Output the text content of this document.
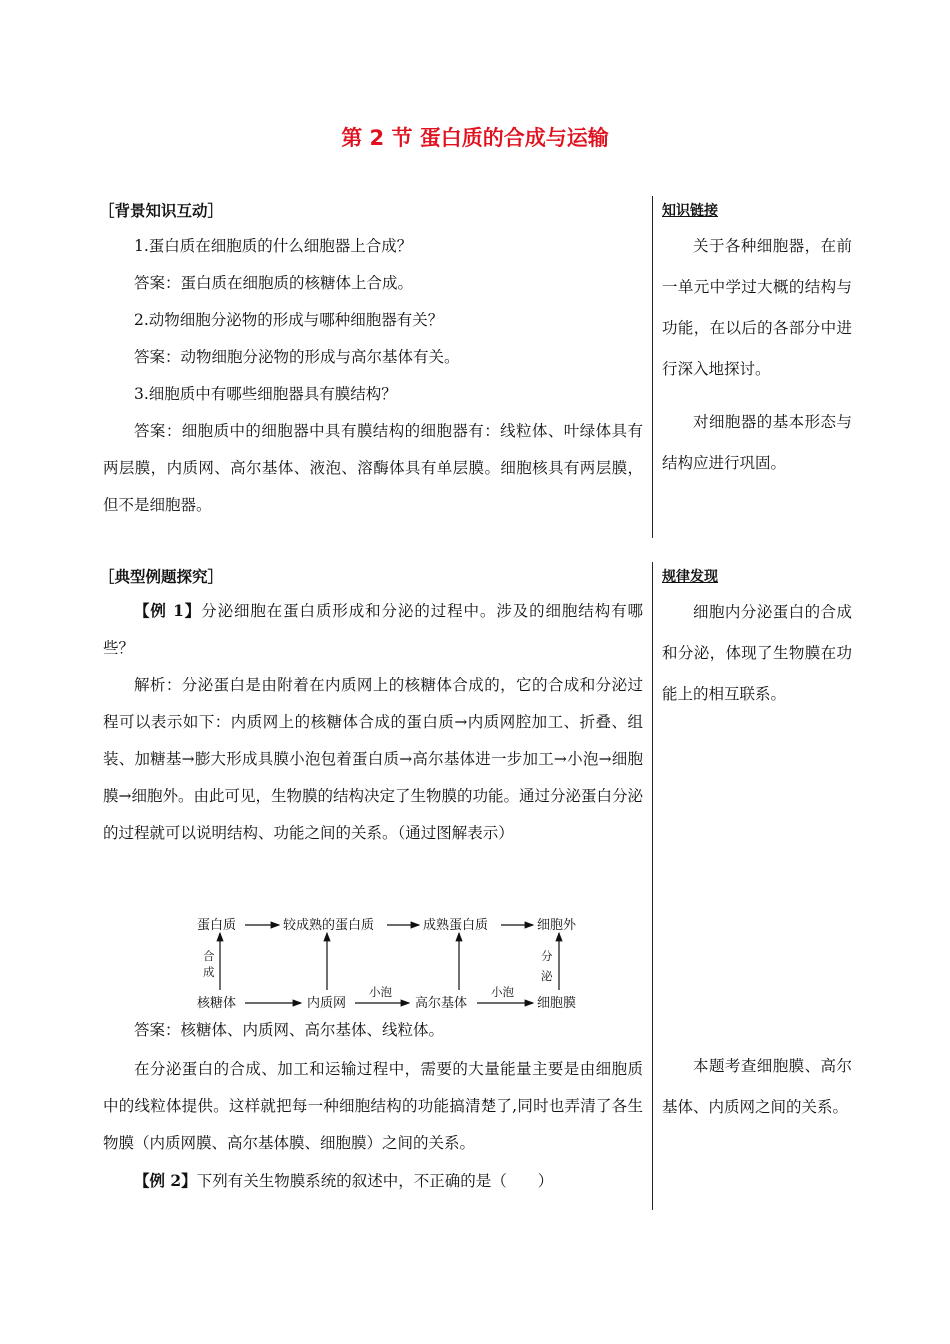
第 2 节 蛋白质的合成与运输
［背景知识互动］

1.蛋白质在细胞质的什么细胞器上合成？

答案：蛋白质在细胞质的核糖体上合成。

2.动物细胞分泌物的形成与哪种细胞器有关？

答案：动物细胞分泌物的形成与高尔基体有关。

3.细胞质中有哪些细胞器具有膜结构？

答案：细胞质中的细胞器中具有膜结构的细胞器有：线粒体、叶绿体具有两层膜，内质网、高尔基体、液泡、溶酶体具有单层膜。细胞核具有两层膜，但不是细胞器。

知识链接

关于各种细胞器，在前一单元中学过大概的结构与功能，在以后的各部分中进行深入地探讨。

对细胞器的基本形态与结构应进行巩固。

［典型例题探究］

【例 1】分泌细胞在蛋白质形成和分泌的过程中。涉及的细胞结构有哪些？

解析：分泌蛋白是由附着在内质网上的核糖体合成的，它的合成和分泌过程可以表示如下：内质网上的核糖体合成的蛋白质→内质网腔加工、折叠、组装、加糖基→膨大形成具膜小泡包着蛋白质→高尔基体进一步加工→小泡→细胞膜→细胞外。由此可见，生物膜的结构决定了生物膜的功能。通过分泌蛋白分泌的过程就可以说明结构、功能之间的关系。（通过图解表示）

蛋白质	较成熟的蛋白质	成熟蛋白质	细胞外
核糖体	内质网	高尔基体	细胞膜
小泡	小泡
合
成
分
泌

答案：核糖体、内质网、高尔基体、线粒体。

在分泌蛋白的合成、加工和运输过程中，需要的大量能量主要是由细胞质中的线粒体提供。这样就把每一种细胞结构的功能搞清楚了,同时也弄清了各生物膜（内质网膜、高尔基体膜、细胞膜）之间的关系。

【例 2】下列有关生物膜系统的叙述中，不正确的是（　　）

规律发现

细胞内分泌蛋白的合成和分泌，体现了生物膜在功能上的相互联系。

本题考查细胞膜、高尔基体、内质网之间的关系。
